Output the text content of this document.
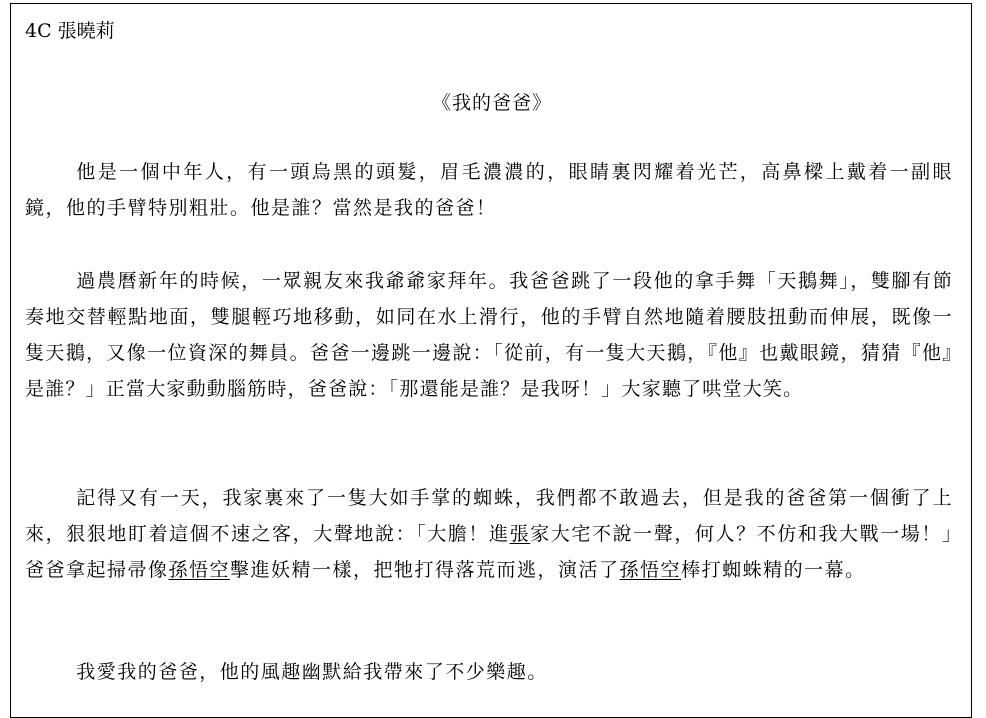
4C 張曉莉
《我的爸爸》

他是一個中年人，有一頭烏黑的頭髮，眉毛濃濃的，眼睛裏閃耀着光芒，高鼻樑上戴着一副眼鏡，他的手臂特別粗壯。他是誰？當然是我的爸爸！

過農曆新年的時候，一眾親友來我爺爺家拜年。我爸爸跳了一段他的拿手舞「天鵝舞」，雙腳有節奏地交替輕點地面，雙腿輕巧地移動，如同在水上滑行，他的手臂自然地隨着腰肢扭動而伸展，既像一隻天鵝，又像一位資深的舞員。爸爸一邊跳一邊說：「從前，有一隻大天鵝，『他』也戴眼鏡，猜猜『他』是誰？」正當大家動動腦筋時，爸爸說：「那還能是誰？是我呀！」大家聽了哄堂大笑。

記得又有一天，我家裏來了一隻大如手掌的蜘蛛，我們都不敢過去，但是我的爸爸第一個衝了上來，狠狠地盯着這個不速之客，大聲地說：「大膽！進張家大宅不說一聲，何人？不仿和我大戰一場！」爸爸拿起掃帚像孫悟空擊進妖精一樣，把牠打得落荒而逃，演活了孫悟空棒打蜘蛛精的一幕。

我愛我的爸爸，他的風趣幽默給我帶來了不少樂趣。
